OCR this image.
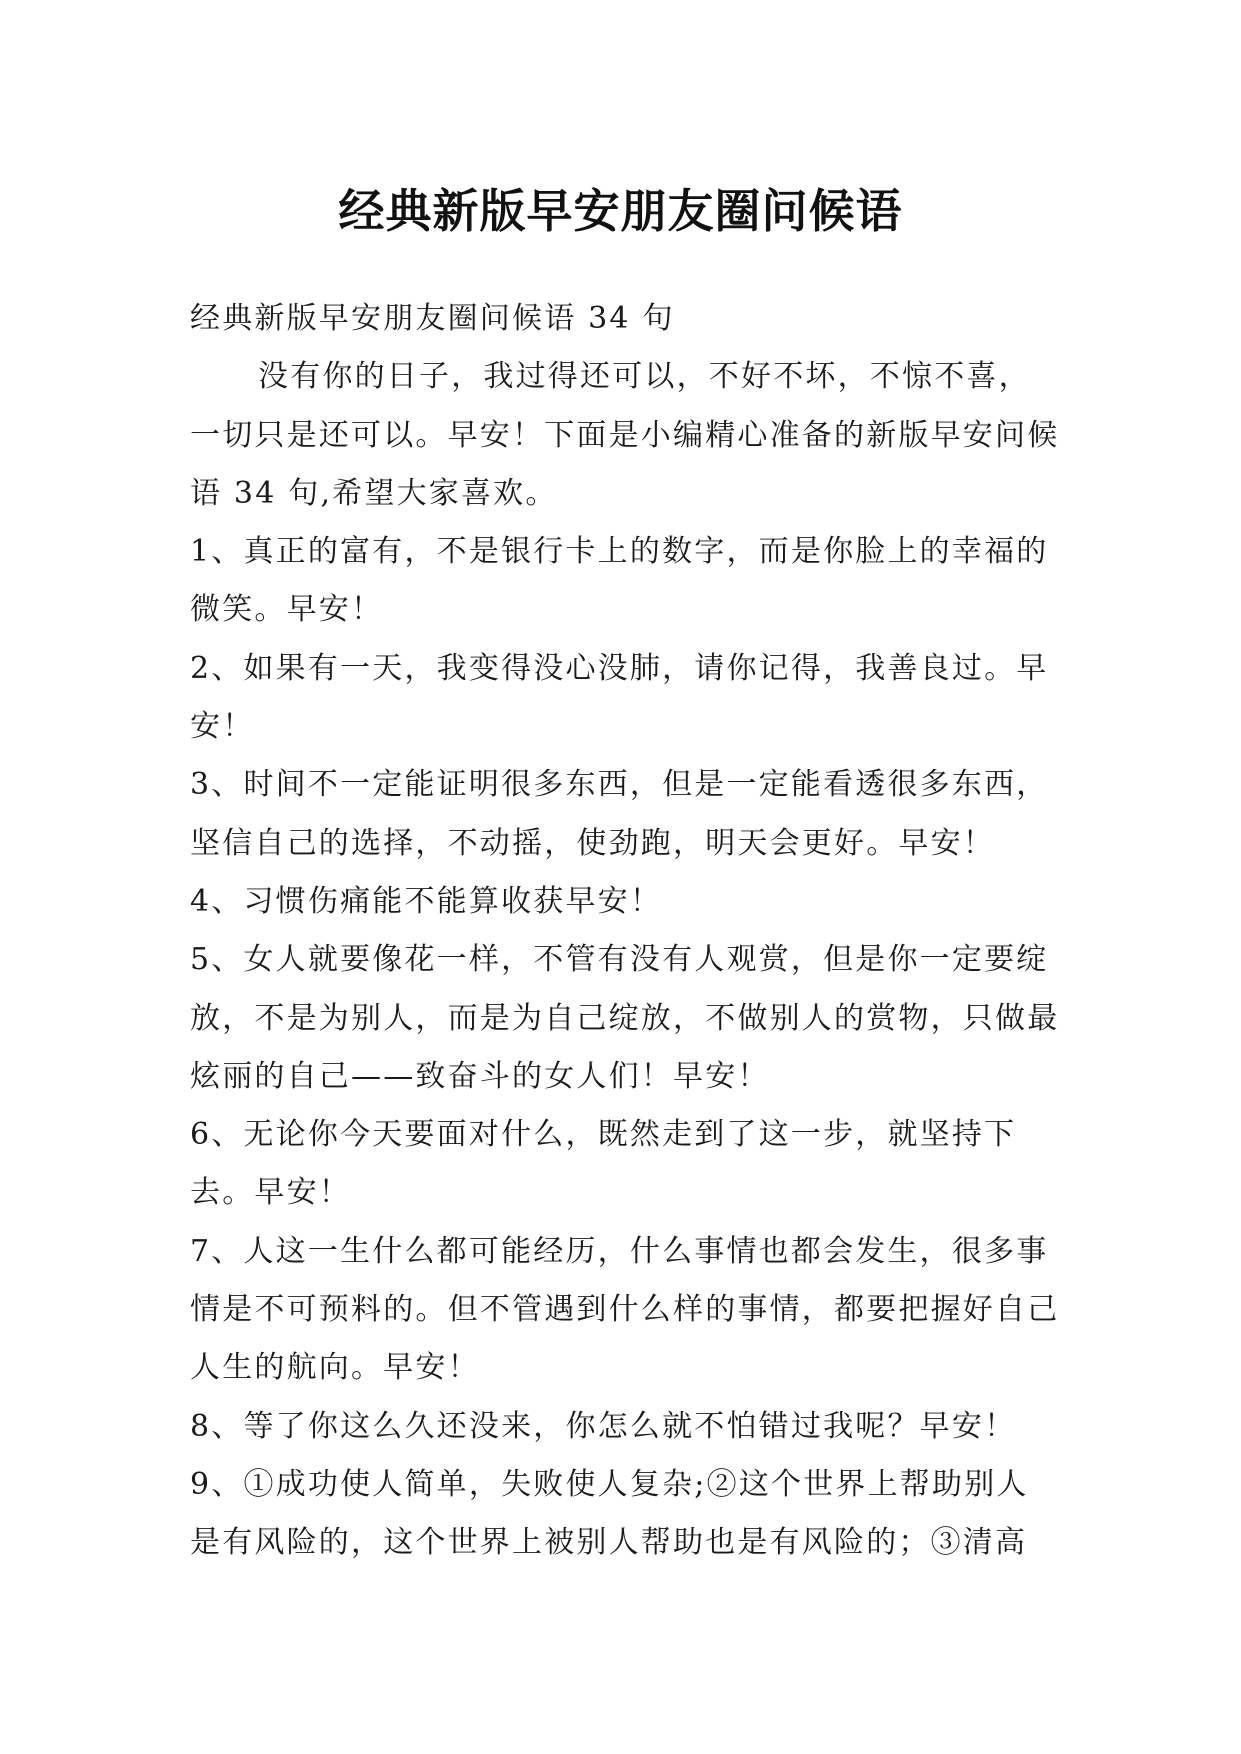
经典新版早安朋友圈问候语

经典新版早安朋友圈问候语 34 句

没有你的日子，我过得还可以，不好不坏，不惊不喜，一切只是还可以。早安！下面是小编精心准备的新版早安问候语 34 句,希望大家喜欢。

1、真正的富有，不是银行卡上的数字，而是你脸上的幸福的微笑。早安！

2、如果有一天，我变得没心没肺，请你记得，我善良过。早安！

3、时间不一定能证明很多东西，但是一定能看透很多东西，坚信自己的选择，不动摇，使劲跑，明天会更好。早安！

4、习惯伤痛能不能算收获早安！

5、女人就要像花一样，不管有没有人观赏，但是你一定要绽放，不是为别人，而是为自己绽放，不做别人的赏物，只做最炫丽的自己——致奋斗的女人们！早安！

6、无论你今天要面对什么，既然走到了这一步，就坚持下去。早安！

7、人这一生什么都可能经历，什么事情也都会发生，很多事情是不可预料的。但不管遇到什么样的事情，都要把握好自己人生的航向。早安！

8、等了你这么久还没来，你怎么就不怕错过我呢？早安！

9、①成功使人简单，失败使人复杂;②这个世界上帮助别人是有风险的，这个世界上被别人帮助也是有风险的；③清高
